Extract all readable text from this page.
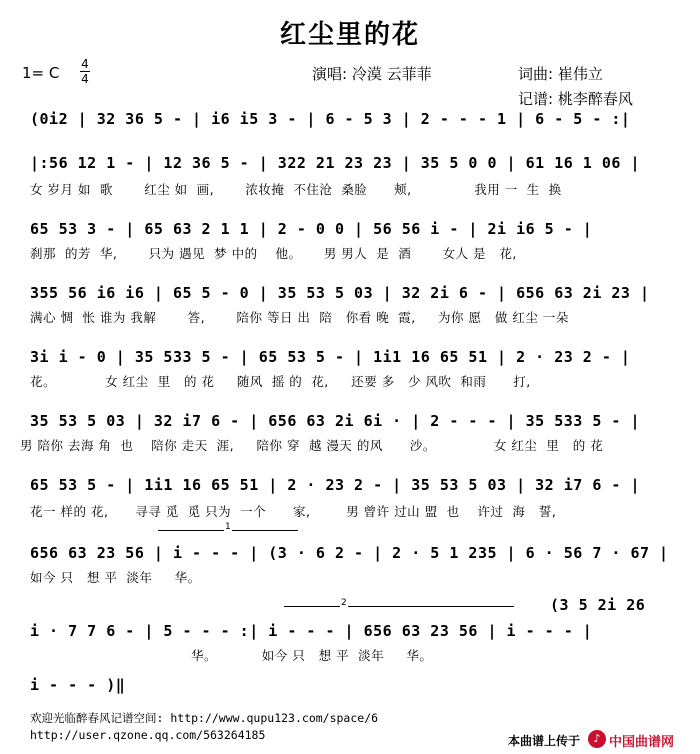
红尘里的花
1= C 4
4	演唱: 冷漠 云菲菲	词曲: 崔伟立
记谱: 桃李醉春风
(0i2 | 32 36 5 - | i6 i5 3 - | 6 - 5 3 | 2 - - - 1 | 6 - 5 - :|
|:56 12 1 - | 12 36 5 - | 322 21 23 23 | 35 5 0 0 | 61 16 1 06 |
女 岁月 如  歌       红尘 如  画,       浓妆掩  不住沧  桑脸      颊,              我用 一  生  换
65 53 3 - | 65 63 2 1 1 | 2 - 0 0 | 56 56 i - | 2i i6 5 - |
刹那  的芳  华,       只为 遇见  梦 中的    他。     男 男人  是  酒       女人 是   花,
355 56 i6 i6 | 65 5 - 0 | 35 53 5 03 | 32 2i 6 - | 656 63 2i 23 |
满心 惆  怅 谁为 我解       答,       陪你 等日 出  陪   你看 晚  霞,     为你 愿   做 红尘 一朵
3i i - 0 | 35 533 5 - | 65 53 5 - | 1i1 16 65 51 | 2 · 23 2 - |
花。           女 红尘  里   的 花     随风  摇 的  花,     还要 多   少 风吹  和雨      打,
35 53 5 03 | 32 i7 6 - | 656 63 2i 6i · | 2 - - - | 35 533 5 - |
男 陪你 去海 角  也    陪你 走天  涯,     陪你 穿  越 漫天 的风      沙。             女 红尘  里   的 花
65 53 5 - | 1i1 16 65 51 | 2 · 23 2 - | 35 53 5 03 | 32 i7 6 - |
花一 样的 花,      寻寻 觅  觅 只为  一个      家,        男 曾许 过山 盟  也    许过  海   誓,
656 63 23 56 | i - - - | (3 · 6 2 - | 2 · 5 1 235 | 6 · 56 7 · 67 |
如今 只   想 平  淡年     华。
1
2	(3 5 2i 26
i · 7 7 6 - | 5 - - - :| i - - - | 656 63 23 56 | i - - - |
华。          如今 只   想 平  淡年     华。
i - - - )‖
欢迎光临醉春风记谱空间: http://www.qupu123.com/space/6
http://user.qzone.qq.com/563264185	本曲谱上传于	♪ 中国曲谱网
